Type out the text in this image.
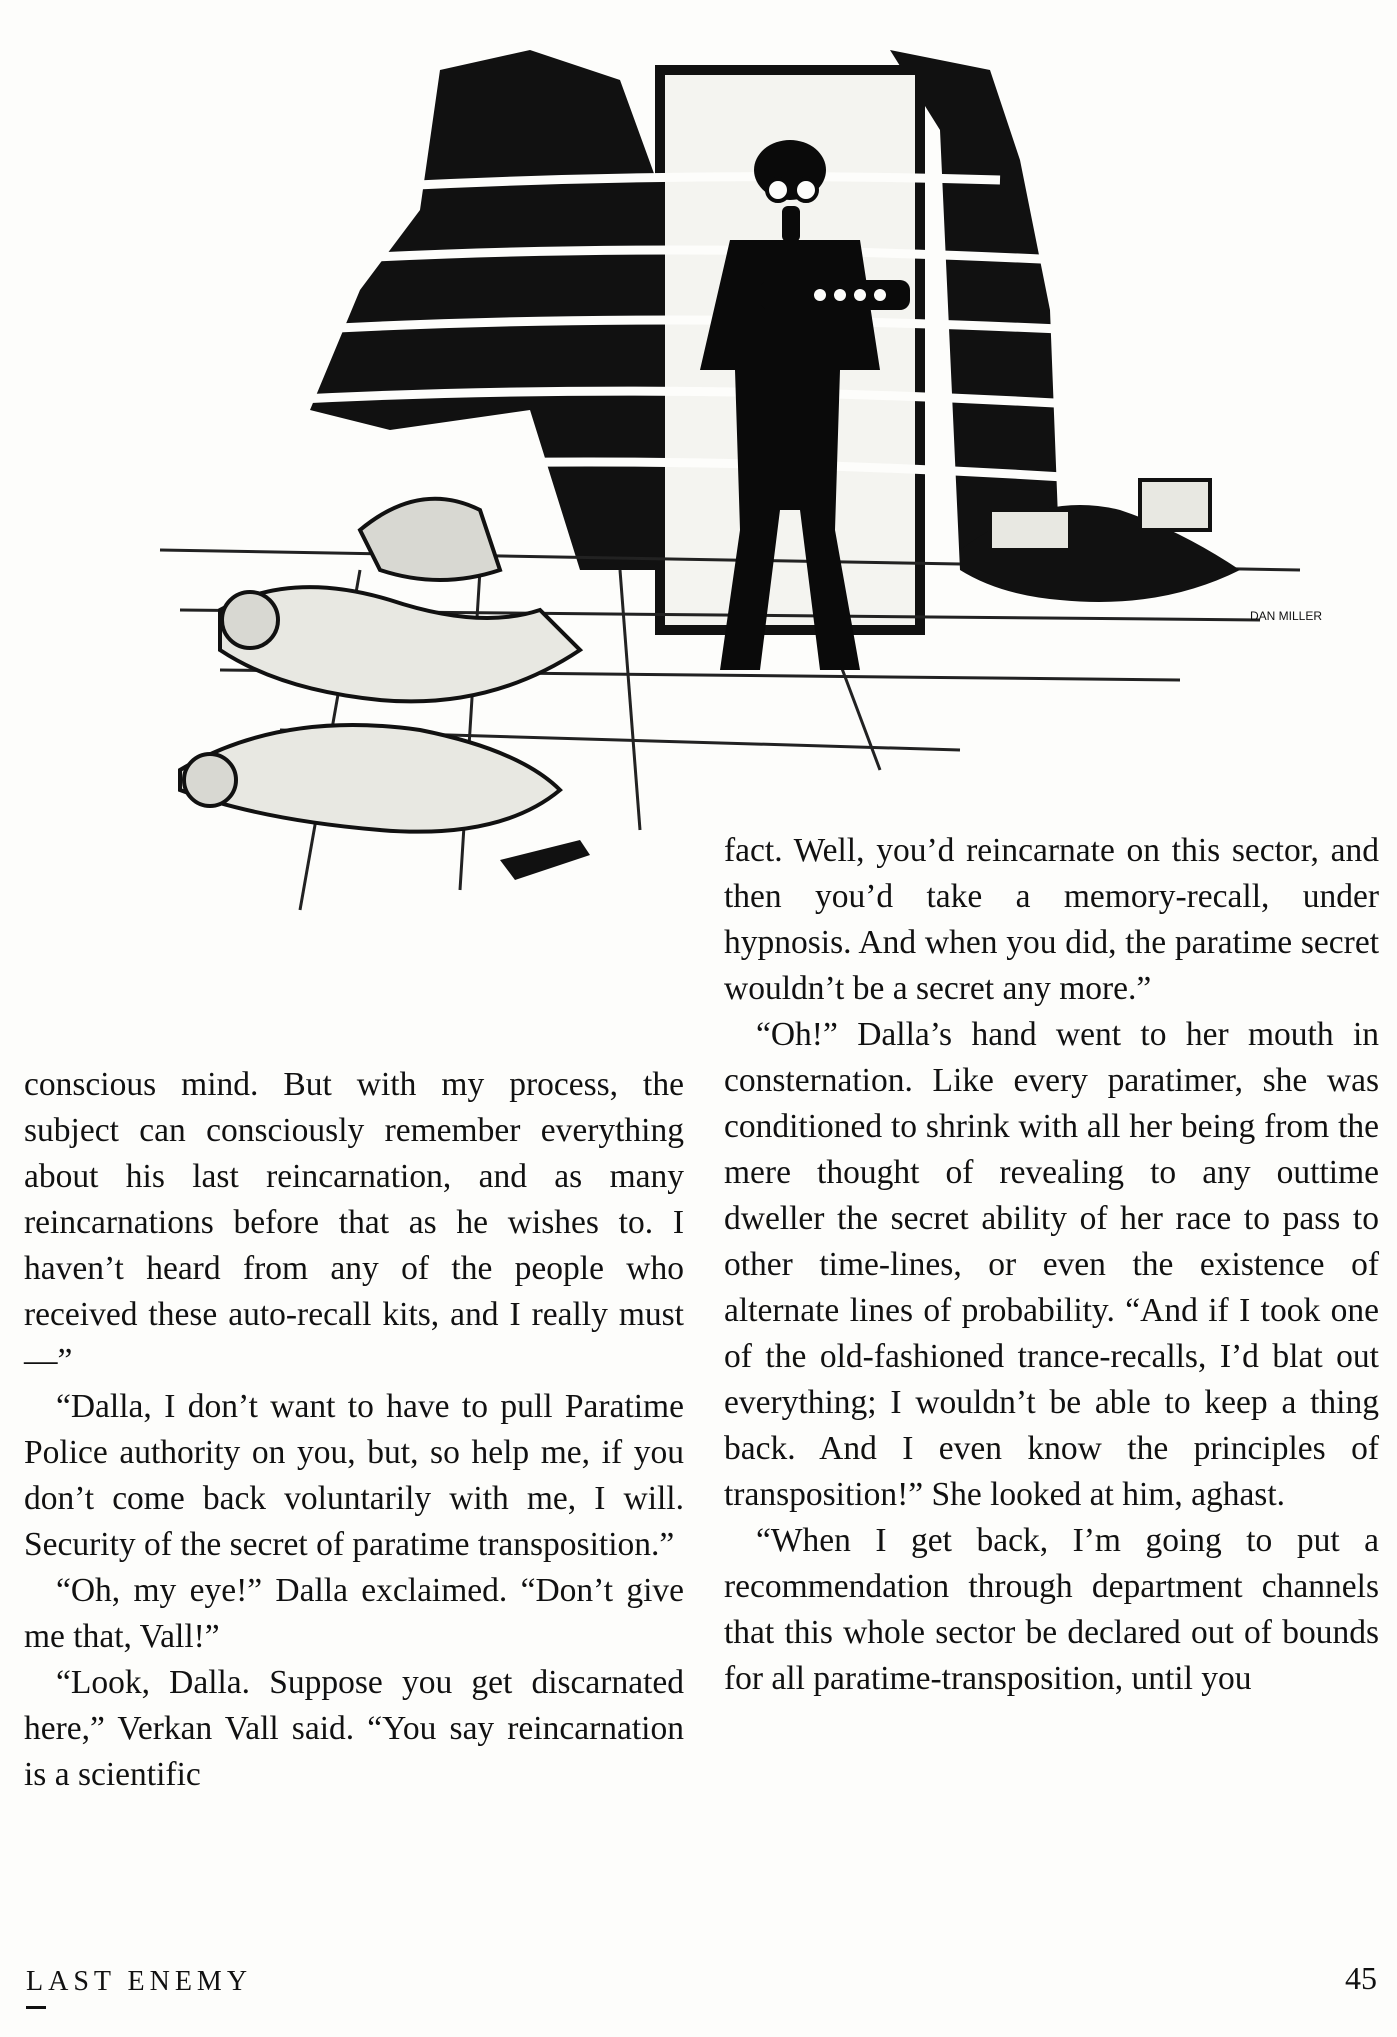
DAN MILLER

conscious mind. But with my process, the subject can consciously remember everything about his last reincarnation, and as many reincarnations before that as he wishes to. I haven’t heard from any of the people who received these auto-recall kits, and I really must—”

“Dalla, I don’t want to have to pull Paratime Police authority on you, but, so help me, if you don’t come back voluntarily with me, I will. Security of the secret of paratime transposition.”

“Oh, my eye!” Dalla exclaimed. “Don’t give me that, Vall!”

“Look, Dalla. Suppose you get discarnated here,” Verkan Vall said. “You say reincarnation is a scientific

fact. Well, you’d reincarnate on this sector, and then you’d take a memory-recall, under hypnosis. And when you did, the paratime secret wouldn’t be a secret any more.”

“Oh!” Dalla’s hand went to her mouth in consternation. Like every paratimer, she was conditioned to shrink with all her being from the mere thought of revealing to any outtime dweller the secret ability of her race to pass to other time-lines, or even the existence of alternate lines of probability. “And if I took one of the old-fashioned trance-recalls, I’d blat out everything; I wouldn’t be able to keep a thing back. And I even know the principles of transposition!” She looked at him, aghast.

“When I get back, I’m going to put a recommendation through department channels that this whole sector be declared out of bounds for all paratime-transposition, until you

LAST ENEMY	45
